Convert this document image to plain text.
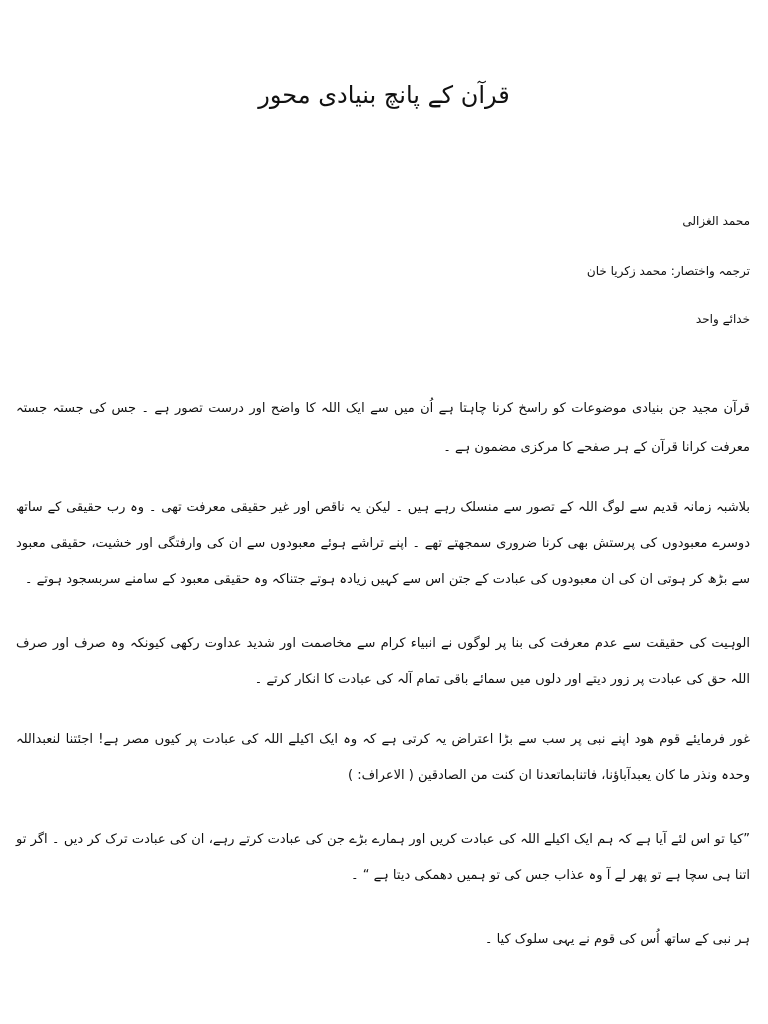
قرآن کے پانچ بنیادی محور

محمد الغزالی

ترجمہ واختصار: محمد زکریا خان

خدائے واحد

قرآن مجید جن بنیادی موضوعات کو راسخ کرنا چاہتا ہے اُن میں سے ایک اللہ کا واضح اور درست تصور ہے ۔ جس کی جستہ جستہ معرفت کرانا قرآن کے ہر صفحے کا مرکزی مضمون ہے ۔

بلاشبہ زمانہ قدیم سے لوگ اللہ کے تصور سے منسلک رہے ہیں ۔ لیکن یہ ناقص اور غیر حقیقی معرفت تھی ۔ وہ رب حقیقی کے ساتھ دوسرے معبودوں کی پرستش بھی کرنا ضروری سمجھتے تھے ۔ اپنے تراشے ہوئے معبودوں سے ان کی وارفتگی اور خشیت، حقیقی معبود سے بڑھ کر ہوتی ان کی ان معبودوں کی عبادت کے جتن اس سے کہیں زیادہ ہوتے جتناکہ وہ حقیقی معبود کے سامنے سربسجود ہوتے ۔

الوہیت کی حقیقت سے عدم معرفت کی بنا پر لوگوں نے انبیاء کرام سے مخاصمت اور شدید عداوت رکھی کیونکہ وہ صرف اور صرف اللہ حق کی عبادت پر زور دیتے اور دلوں میں سمائے باقی تمام آلہ کی عبادت کا انکار کرتے ۔

غور فرمایئے قوم ھود اپنے نبی پر سب سے بڑا اعتراض یہ کرتی ہے کہ وہ ایک اکیلے اللہ کی عبادت پر کیوں مصر ہے! اجئتنا لنعبداللہ وحدہ ونذر ما کان یعبدآباؤنا، فاتنابماتعدنا ان کنت من الصادقین ( الاعراف: )

”کیا تو اس لئے آیا ہے کہ ہم ایک اکیلے اللہ کی عبادت کریں اور ہمارے بڑے جن کی عبادت کرتے رہے، ان کی عبادت ترک کر دیں ۔ اگر تو اتنا ہی سچا ہے تو پھر لے آ وہ عذاب جس کی تو ہمیں دھمکی دیتا ہے “ ۔

ہر نبی کے ساتھ اُس کی قوم نے یہی سلوک کیا ۔
